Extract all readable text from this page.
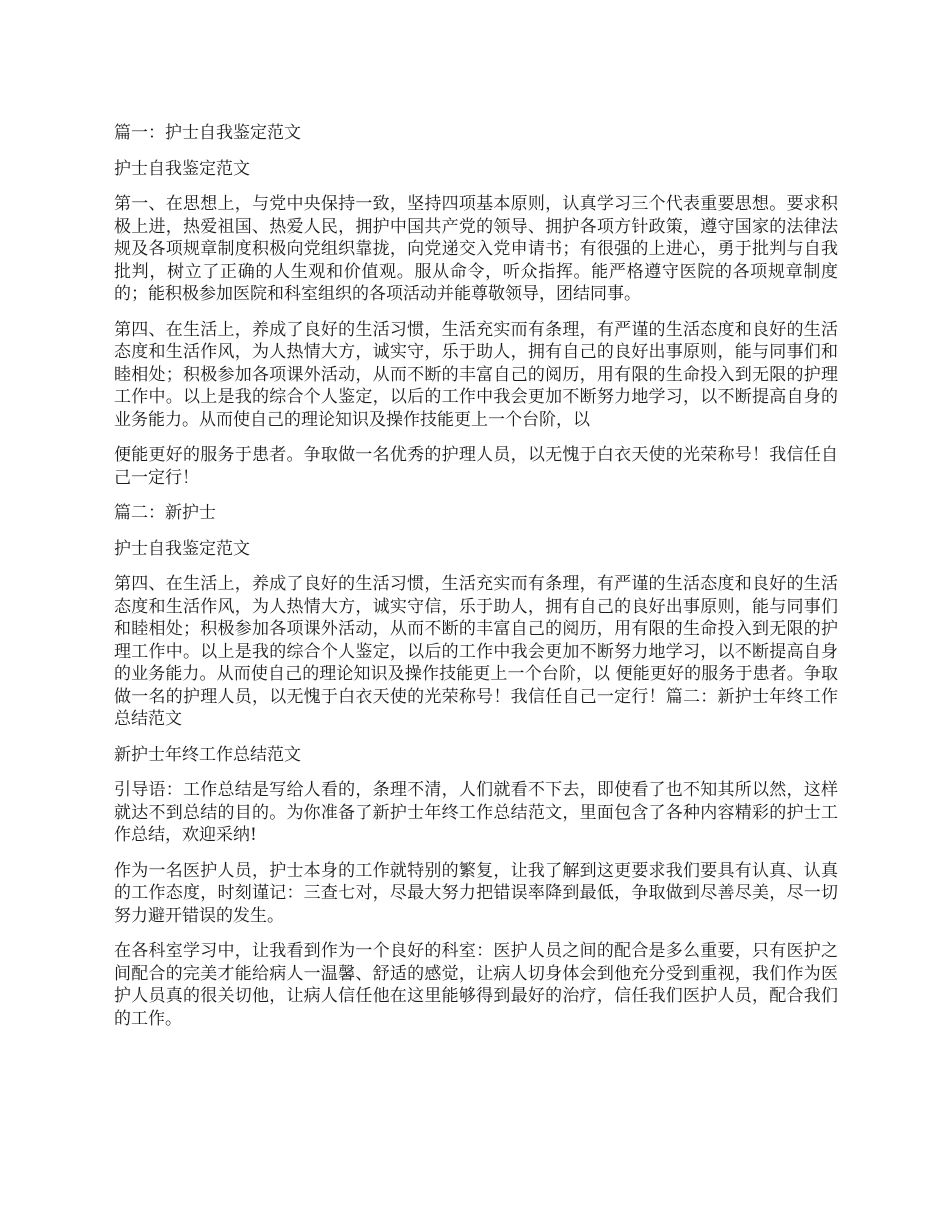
篇一：护士自我鉴定范文

护士自我鉴定范文

第一、在思想上，与党中央保持一致，坚持四项基本原则，认真学习三个代表重要思想。要求积极上进，热爱祖国、热爱人民，拥护中国共产党的领导、拥护各项方针政策，遵守国家的法律法规及各项规章制度积极向党组织靠拢，向党递交入党申请书；有很强的上进心，勇于批判与自我批判，树立了正确的人生观和价值观。服从命令，听众指挥。能严格遵守医院的各项规章制度的；能积极参加医院和科室组织的各项活动并能尊敬领导，团结同事。

第四、在生活上，养成了良好的生活习惯，生活充实而有条理，有严谨的生活态度和良好的生活态度和生活作风，为人热情大方，诚实守，乐于助人，拥有自己的良好出事原则，能与同事们和睦相处；积极参加各项课外活动，从而不断的丰富自己的阅历，用有限的生命投入到无限的护理工作中。以上是我的综合个人鉴定，以后的工作中我会更加不断努力地学习，以不断提高自身的业务能力。从而使自己的理论知识及操作技能更上一个台阶，以

便能更好的服务于患者。争取做一名优秀的护理人员，以无愧于白衣天使的光荣称号！我信任自己一定行！

篇二：新护士

护士自我鉴定范文

第四、在生活上，养成了良好的生活习惯，生活充实而有条理，有严谨的生活态度和良好的生活态度和生活作风，为人热情大方，诚实守信，乐于助人，拥有自己的良好出事原则，能与同事们和睦相处；积极参加各项课外活动，从而不断的丰富自己的阅历，用有限的生命投入到无限的护理工作中。以上是我的综合个人鉴定，以后的工作中我会更加不断努力地学习，以不断提高自身的业务能力。从而使自己的理论知识及操作技能更上一个台阶，以 便能更好的服务于患者。争取做一名的护理人员，以无愧于白衣天使的光荣称号！我信任自己一定行！篇二：新护士年终工作总结范文

新护士年终工作总结范文

引导语：工作总结是写给人看的，条理不清，人们就看不下去，即使看了也不知其所以然，这样就达不到总结的目的。为你准备了新护士年终工作总结范文，里面包含了各种内容精彩的护士工作总结，欢迎采纳!

作为一名医护人员，护士本身的工作就特别的繁复，让我了解到这更要求我们要具有认真、认真的工作态度，时刻谨记：三查七对，尽最大努力把错误率降到最低，争取做到尽善尽美，尽一切努力避开错误的发生。

在各科室学习中，让我看到作为一个良好的科室：医护人员之间的配合是多么重要，只有医护之间配合的完美才能给病人一温馨、舒适的感觉，让病人切身体会到他充分受到重视，我们作为医护人员真的很关切他，让病人信任他在这里能够得到最好的治疗，信任我们医护人员，配合我们的工作。
